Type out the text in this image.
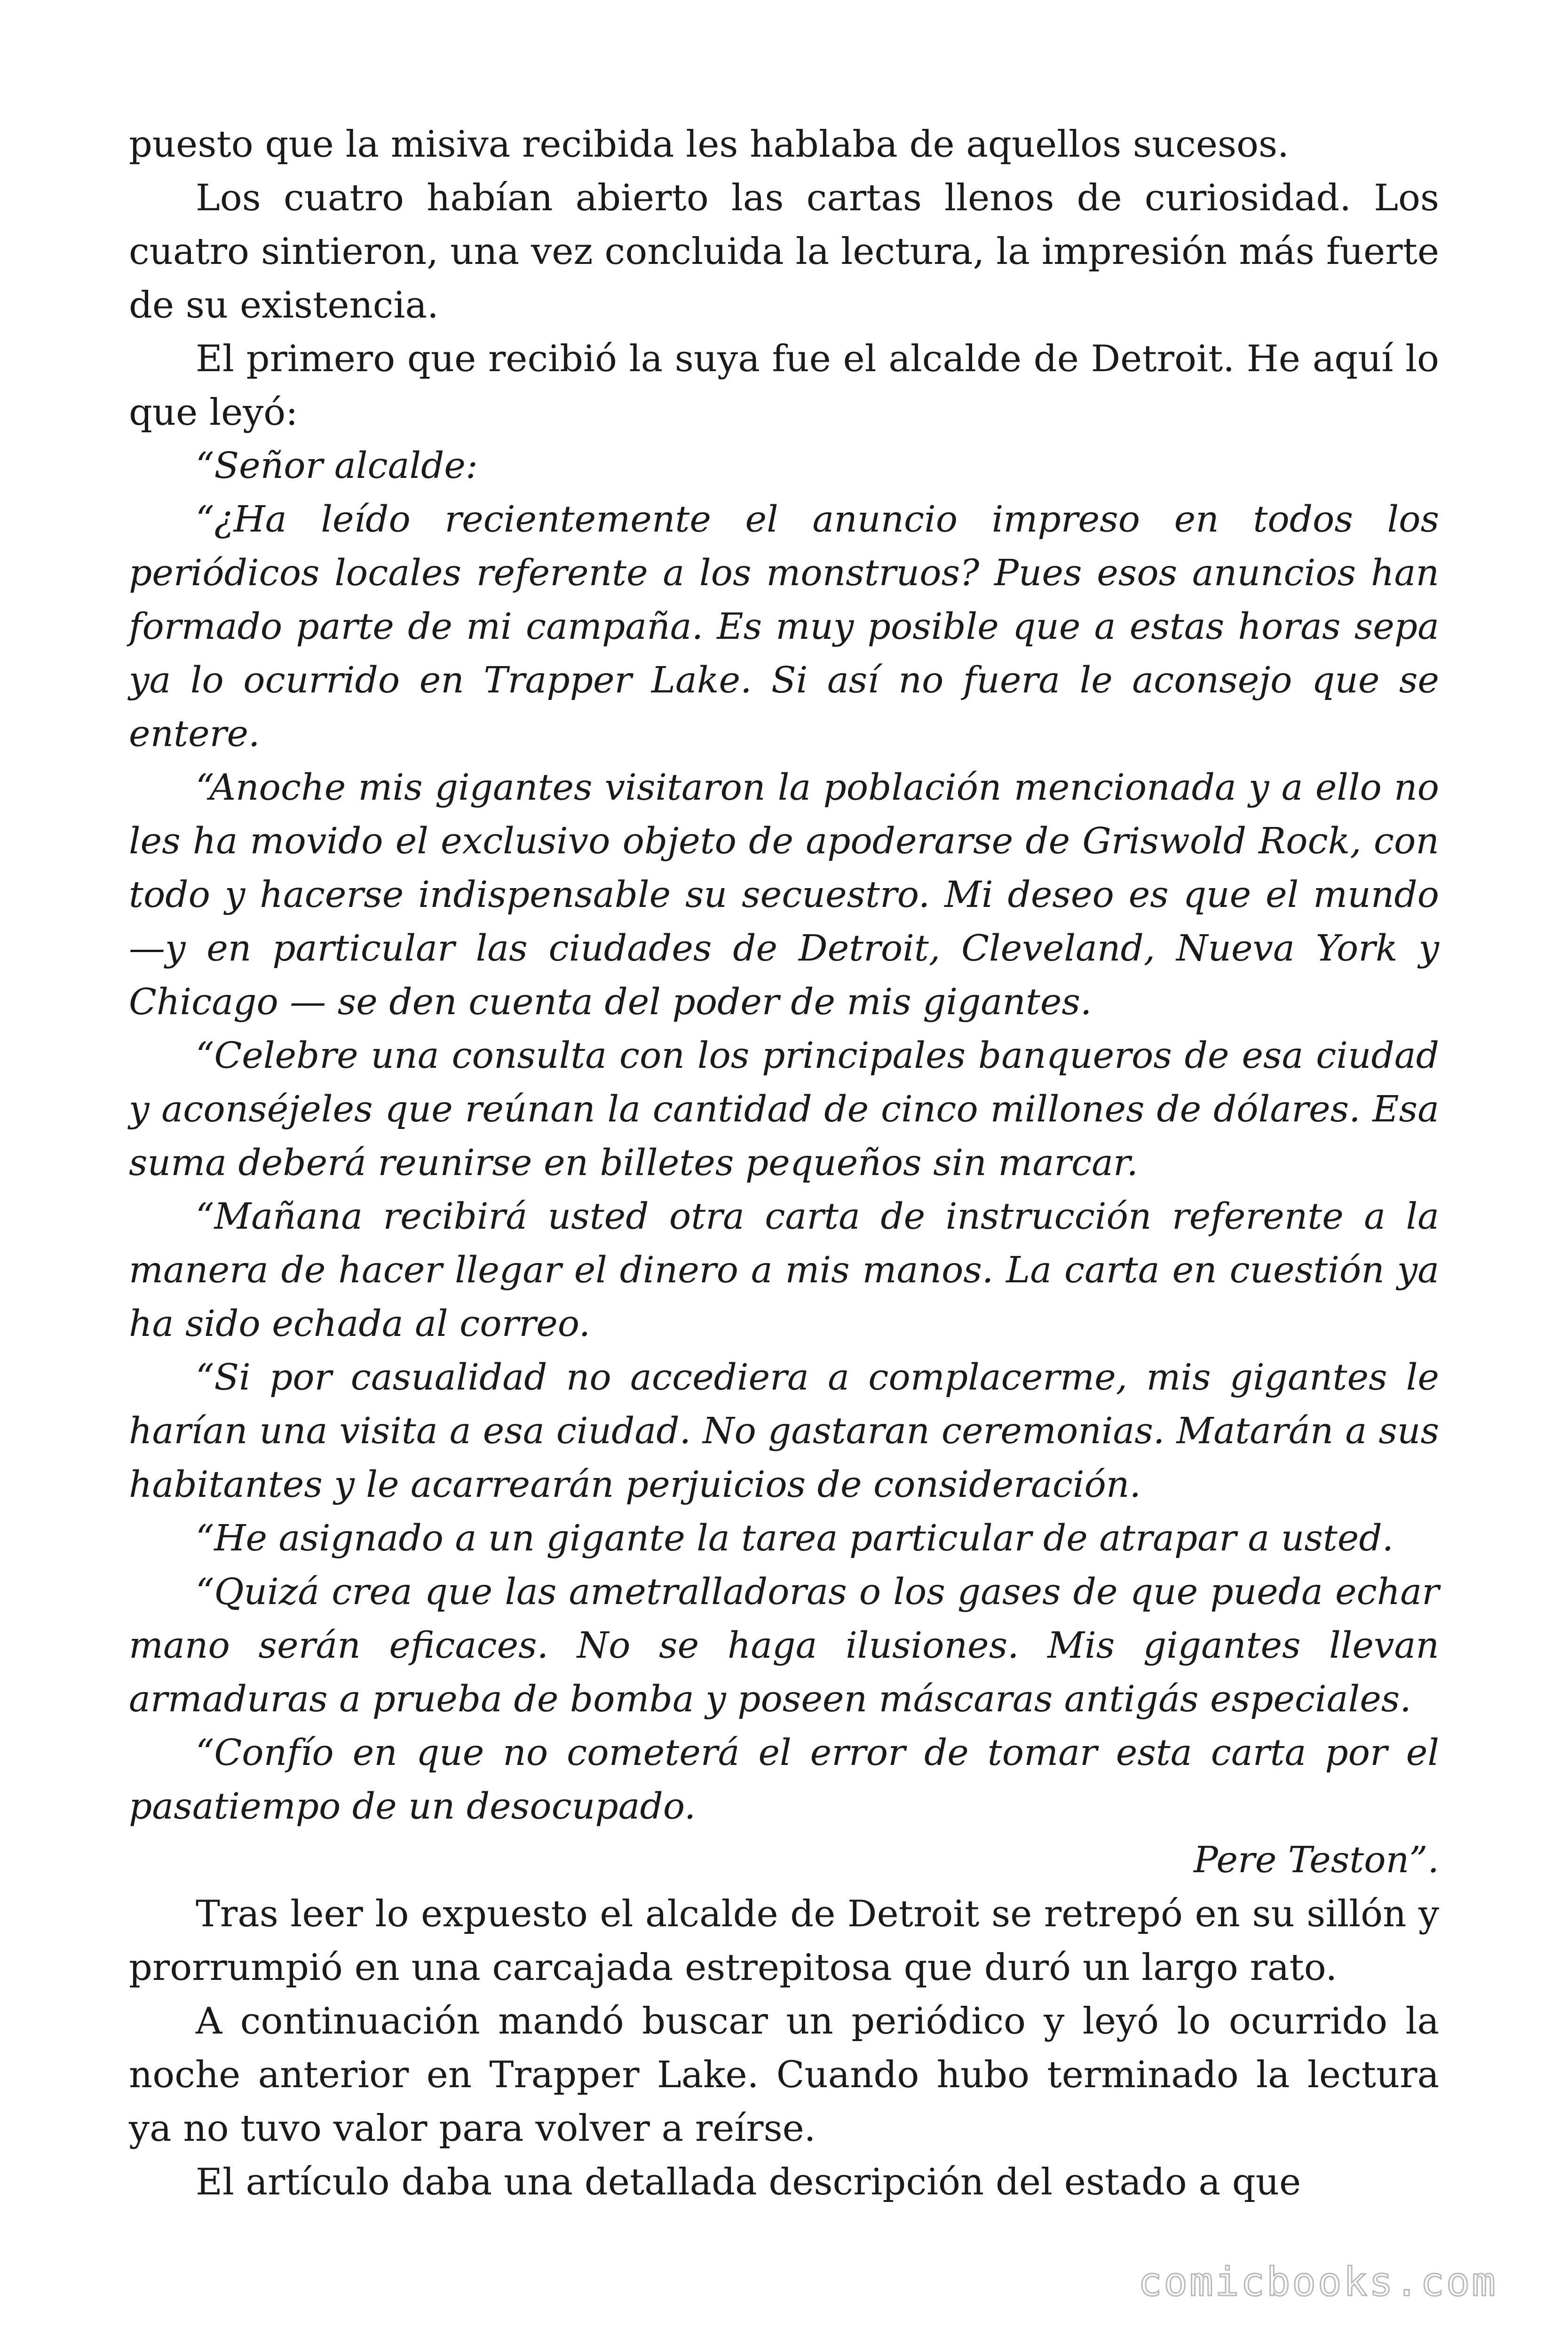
puesto que la misiva recibida les hablaba de aquellos sucesos.

Los cuatro habían abierto las cartas llenos de curiosidad. Los cuatro sintieron, una vez concluida la lectura, la impresión más fuerte de su existencia.

El primero que recibió la suya fue el alcalde de Detroit. He aquí lo que leyó:

“Señor alcalde:

“¿Ha leído recientemente el anuncio impreso en todos los periódicos locales referente a los monstruos? Pues esos anuncios han formado parte de mi campaña. Es muy posible que a estas horas sepa ya lo ocurrido en Trapper Lake. Si así no fuera le aconsejo que se entere.

“Anoche mis gigantes visitaron la población mencionada y a ello no les ha movido el exclusivo objeto de apoderarse de Griswold Rock, con todo y hacerse indispensable su secuestro. Mi deseo es que el mundo —y en particular las ciudades de Detroit, Cleveland, Nueva York y Chicago — se den cuenta del poder de mis gigantes.

“Celebre una consulta con los principales banqueros de esa ciudad y aconséjeles que reúnan la cantidad de cinco millones de dólares. Esa suma deberá reunirse en billetes pequeños sin marcar.

“Mañana recibirá usted otra carta de instrucción referente a la manera de hacer llegar el dinero a mis manos. La carta en cuestión ya ha sido echada al correo.

“Si por casualidad no accediera a complacerme, mis gigantes le harían una visita a esa ciudad. No gastaran ceremonias. Matarán a sus habitantes y le acarrearán perjuicios de consideración.

“He asignado a un gigante la tarea particular de atrapar a usted.

“Quizá crea que las ametralladoras o los gases de que pueda echar mano serán eficaces. No se haga ilusiones. Mis gigantes llevan armaduras a prueba de bomba y poseen máscaras antigás especiales.

“Confío en que no cometerá el error de tomar esta carta por el pasatiempo de un desocupado.

Pere Teston”.

Tras leer lo expuesto el alcalde de Detroit se retrepó en su sillón y prorrumpió en una carcajada estrepitosa que duró un largo rato.

A continuación mandó buscar un periódico y leyó lo ocurrido la noche anterior en Trapper Lake. Cuando hubo terminado la lectura ya no tuvo valor para volver a reírse.

El artículo daba una detallada descripción del estado a que

comicbooks.com
